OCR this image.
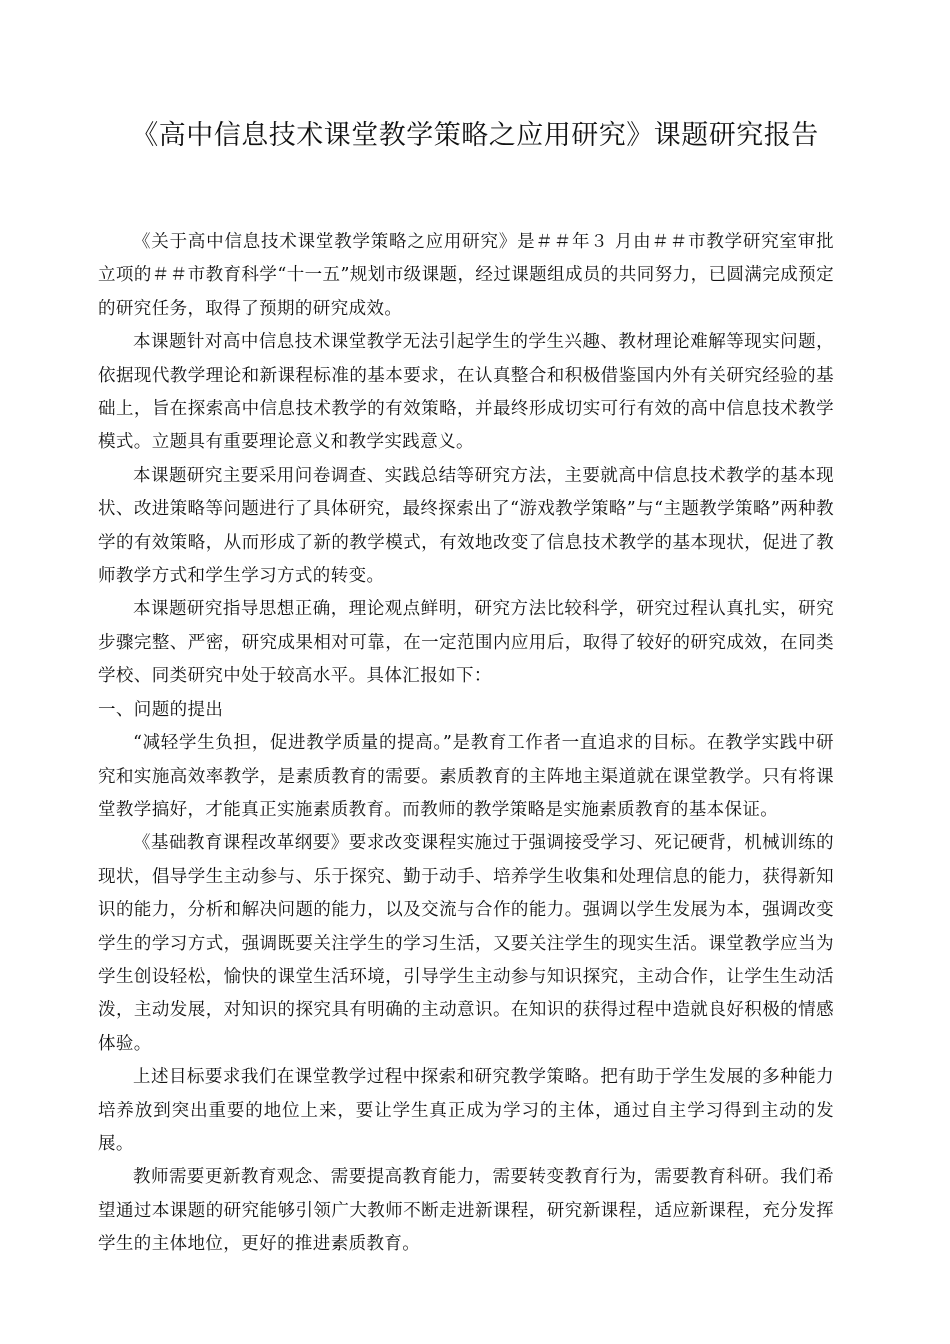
《高中信息技术课堂教学策略之应用研究》课题研究报告

《关于高中信息技术课堂教学策略之应用研究》是＃＃年３ 月由＃＃市教学研究室审批立项的＃＃市教育科学“十一五”规划市级课题，经过课题组成员的共同努力，已圆满完成预定的研究任务，取得了预期的研究成效。

本课题针对高中信息技术课堂教学无法引起学生的学生兴趣、教材理论难解等现实问题，依据现代教学理论和新课程标准的基本要求，在认真整合和积极借鉴国内外有关研究经验的基础上，旨在探索高中信息技术教学的有效策略，并最终形成切实可行有效的高中信息技术教学模式。立题具有重要理论意义和教学实践意义。

本课题研究主要采用问卷调查、实践总结等研究方法，主要就高中信息技术教学的基本现状、改进策略等问题进行了具体研究，最终探索出了“游戏教学策略”与“主题教学策略”两种教学的有效策略，从而形成了新的教学模式，有效地改变了信息技术教学的基本现状，促进了教师教学方式和学生学习方式的转变。

本课题研究指导思想正确，理论观点鲜明，研究方法比较科学，研究过程认真扎实，研究步骤完整、严密，研究成果相对可靠，在一定范围内应用后，取得了较好的研究成效，在同类学校、同类研究中处于较高水平。具体汇报如下：

一、问题的提出

“减轻学生负担，促进教学质量的提高。”是教育工作者一直追求的目标。在教学实践中研究和实施高效率教学，是素质教育的需要。素质教育的主阵地主渠道就在课堂教学。只有将课堂教学搞好，才能真正实施素质教育。而教师的教学策略是实施素质教育的基本保证。

《基础教育课程改革纲要》要求改变课程实施过于强调接受学习、死记硬背，机械训练的现状，倡导学生主动参与、乐于探究、勤于动手、培养学生收集和处理信息的能力，获得新知识的能力，分析和解决问题的能力，以及交流与合作的能力。强调以学生发展为本，强调改变学生的学习方式，强调既要关注学生的学习生活，又要关注学生的现实生活。课堂教学应当为学生创设轻松，愉快的课堂生活环境，引导学生主动参与知识探究，主动合作，让学生生动活泼，主动发展，对知识的探究具有明确的主动意识。在知识的获得过程中造就良好积极的情感体验。

上述目标要求我们在课堂教学过程中探索和研究教学策略。把有助于学生发展的多种能力培养放到突出重要的地位上来，要让学生真正成为学习的主体，通过自主学习得到主动的发展。

教师需要更新教育观念、需要提高教育能力，需要转变教育行为，需要教育科研。我们希望通过本课题的研究能够引领广大教师不断走进新课程，研究新课程，适应新课程，充分发挥学生的主体地位，更好的推进素质教育。
